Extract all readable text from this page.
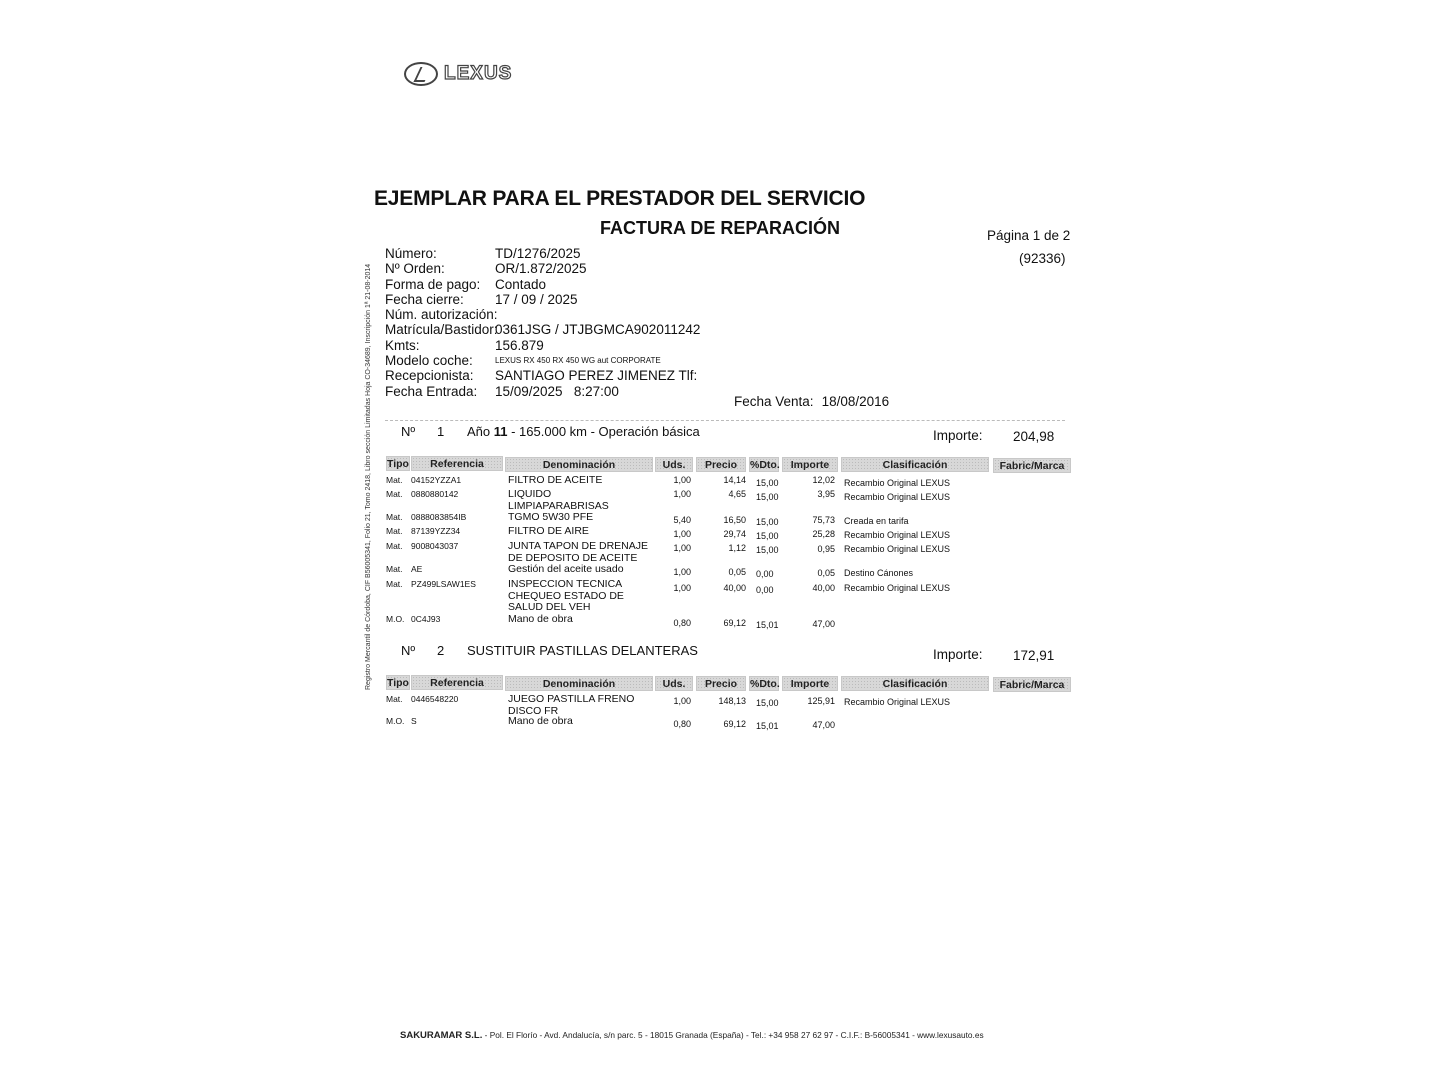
LEXUS
EJEMPLAR PARA EL PRESTADOR DEL SERVICIO
FACTURA DE REPARACIÓN	Página 1 de 2
(92336)
Número:	TD/1276/2025
Nº Orden:	OR/1.872/2025
Forma de pago:	Contado
Fecha cierre:	17 / 09 / 2025
Núm. autorización:
Matrícula/Bastidor:
0361JSG / JTJBGMCA902011242
Kmts:	156.879
Modelo coche:	LEXUS RX 450 RX 450 WG aut CORPORATE
Recepcionista:	SANTIAGO PEREZ JIMENEZ Tlf:
Fecha Entrada:	15/09/2025   8:27:00
Fecha Venta: 18/08/2016
Nº	1	Año 11 - 165.000 km - Operación básica	Importe: 204,98
Tipo	Referencia	Denominación	Uds.	Precio	%Dto.	Importe	Clasificación	Fabric/Marca
Mat. 04152YZZA1	FILTRO DE ACEITE	1,00	14,14 15,00	12,02 Recambio Original LEXUS
Mat. 0880880142	LIQUIDO LIMPIAPARABRISAS
1,00	4,65 15,00	3,95 Recambio Original LEXUS
Mat. 0888083854IB	TGMO 5W30 PFE	5,40	16,50 15,00	75,73 Creada en tarifa
Mat. 87139YZZ34	FILTRO DE AIRE	1,00	29,74 15,00	25,28 Recambio Original LEXUS
Mat. 9008043037	JUNTA TAPON DE DRENAJE DE DEPOSITO DE ACEITE
1,00	1,12 15,00	0,95 Recambio Original LEXUS
Mat. AE	Gestión del aceite usado	1,00	0,05 0,00	0,05 Destino Cánones
Mat. PZ499LSAW1ES	INSPECCION TECNICA CHEQUEO ESTADO DE SALUD DEL VEH
1,00	40,00 0,00	40,00 Recambio Original LEXUS
M.O. 0C4J93	Mano de obra	0,80	69,12 15,01	47,00
Nº	2	SUSTITUIR PASTILLAS DELANTERAS	Importe: 172,91
Tipo	Referencia	Denominación	Uds.	Precio	%Dto.	Importe	Clasificación	Fabric/Marca
Mat. 0446548220	JUEGO PASTILLA FRENO DISCO FR
1,00	148,13 15,00	125,91 Recambio Original LEXUS
M.O. S	Mano de obra	0,80	69,12 15,01	47,00
Registro Mercantil de Córdoba, CIF B56005341, Folio 21, Tomo 2418, Libro sección Limitadas Hoja CO-34689, Inscripción 1ª 21-08-2014
SAKURAMAR S.L. - Pol. El Florío - Avd. Andalucía, s/n parc. 5 - 18015 Granada (España) - Tel.: +34 958 27 62 97 - C.I.F.: B-56005341 - www.lexusauto.es
